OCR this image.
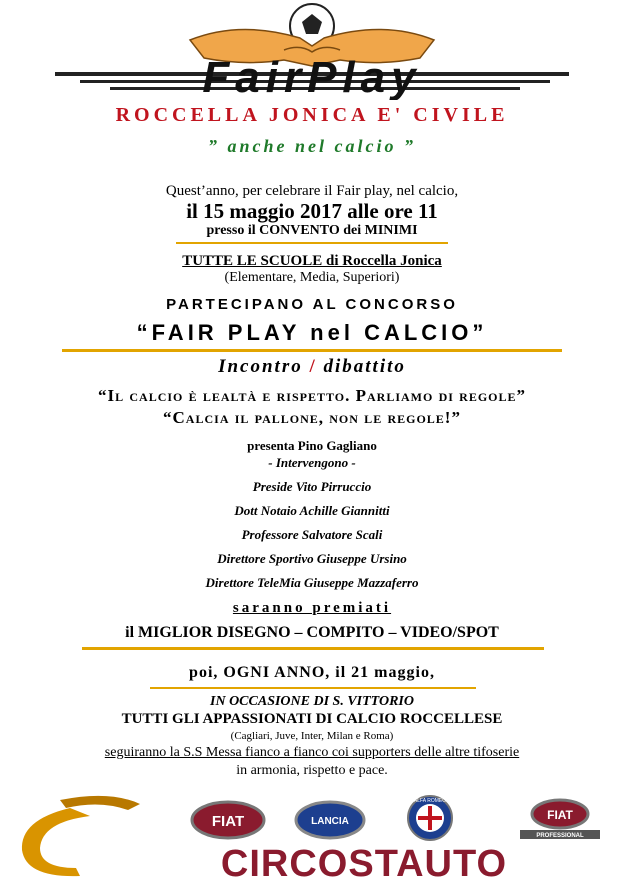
FairPlay
ROCCELLA JONICA E' CIVILE
” anche nel calcio ”
Quest’anno, per celebrare il Fair play, nel calcio,
il 15 maggio 2017 alle ore 11
presso il CONVENTO dei MINIMI
TUTTE LE SCUOLE di Roccella Jonica
(Elementare, Media, Superiori)
PARTECIPANO AL CONCORSO
“FAIR PLAY nel CALCIO”
Incontro / dibattito
“Il calcio è lealtà e rispetto. Parliamo di regole”
“Calcia il pallone, non le regole!”
presenta Pino Gagliano
- Intervengono -
Preside Vito Pirruccio
Dott Notaio Achille Giannitti
Professore Salvatore Scali
Direttore Sportivo Giuseppe Ursino
Direttore TeleMia Giuseppe Mazzaferro
saranno premiati
il MIGLIOR DISEGNO – COMPITO – VIDEO/SPOT
poi, OGNI ANNO, il 21 maggio,
IN OCCASIONE DI S. VITTORIO
TUTTI GLI APPASSIONATI DI CALCIO ROCCELLESE
(Cagliari, Juve, Inter, Milan e Roma)
seguiranno la S.S Messa fianco a fianco coi supporters delle altre tifoserie
in armonia, rispetto e pace.
FIAT	LANCIA
ALFA ROMEO
FIAT
PROFESSIONAL
CIRCOSTAUTO
